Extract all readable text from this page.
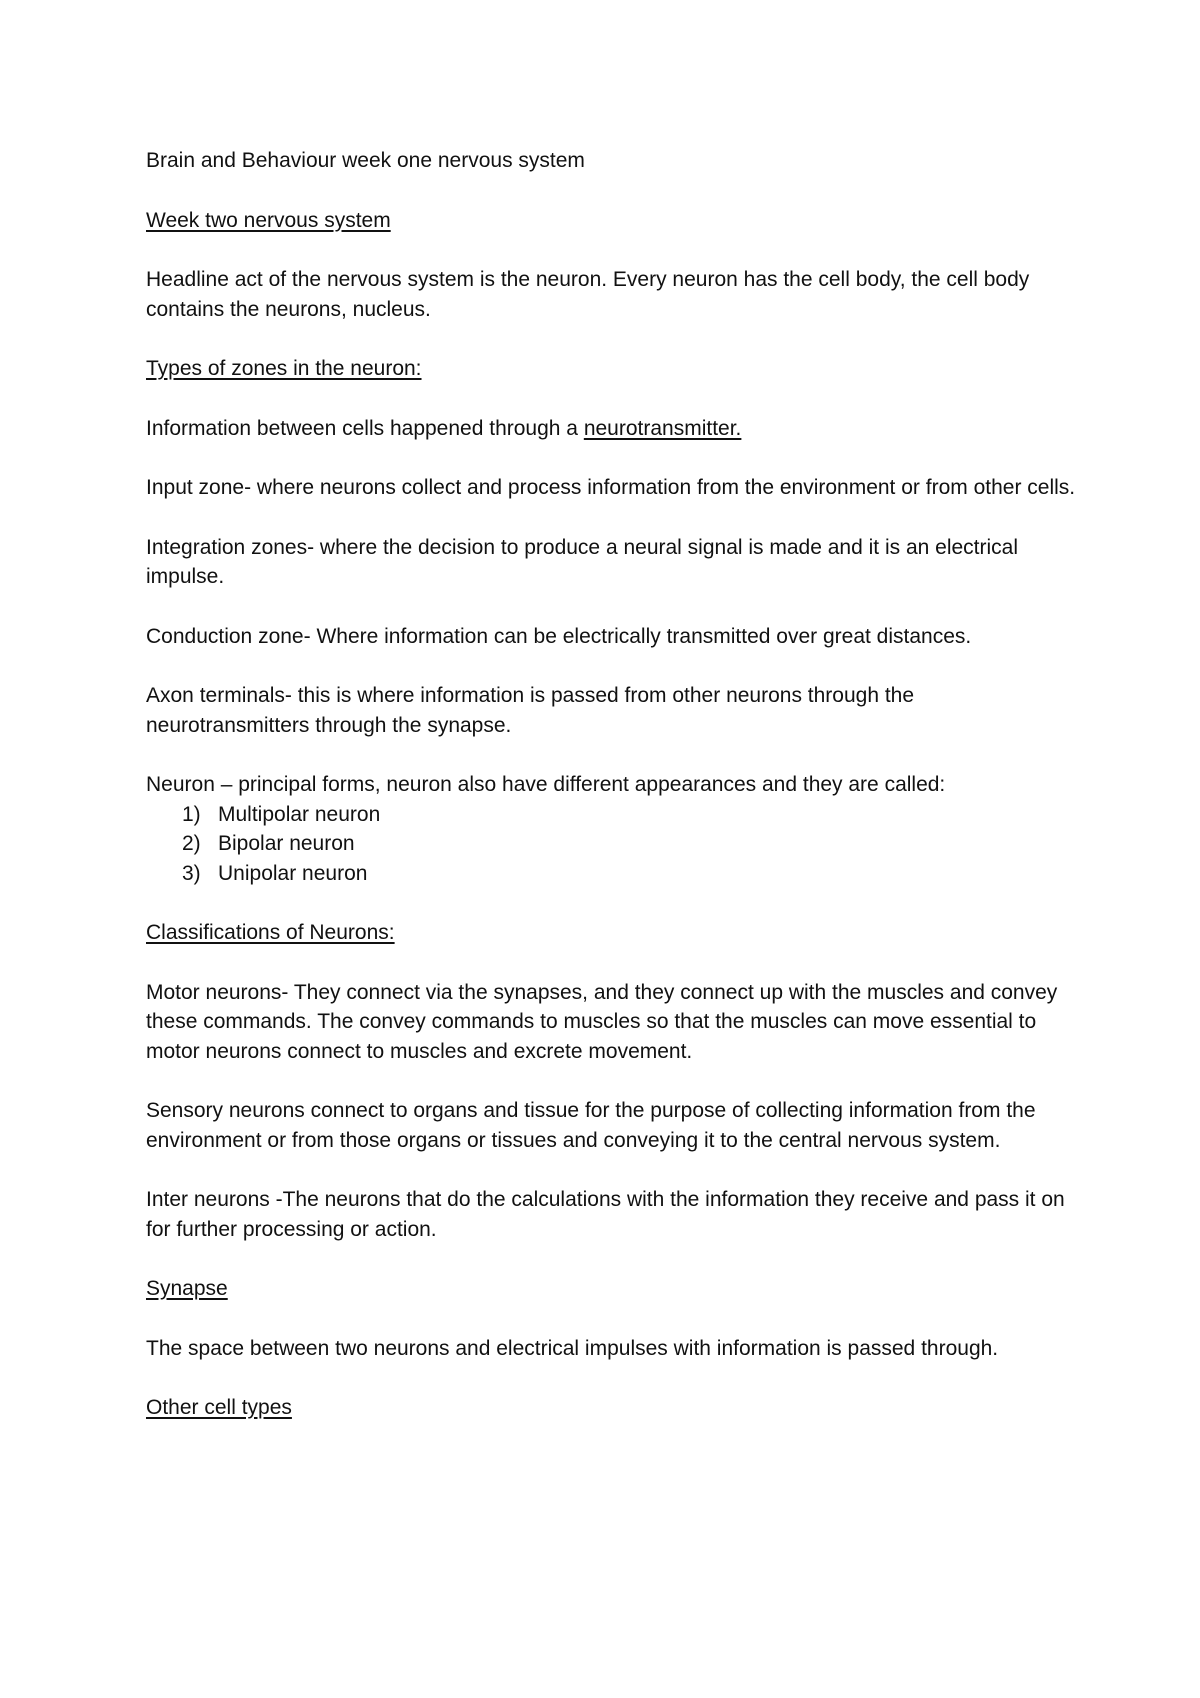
Brain and Behaviour week one nervous system

Week two nervous system

Headline act of the nervous system is the neuron. Every neuron has the cell body, the cell body contains the neurons, nucleus.

Types of zones in the neuron:

Information between cells happened through a neurotransmitter.

Input zone- where neurons collect and process information from the environment or from other cells.

Integration zones- where the decision to produce a neural signal is made and it is an electrical impulse.

Conduction zone- Where information can be electrically transmitted over great distances.

Axon terminals- this is where information is passed from other neurons through the neurotransmitters through the synapse.

Neuron – principal forms, neuron also have different appearances and they are called:

1) Multipolar neuron
2) Bipolar neuron
3) Unipolar neuron

Classifications of Neurons:

Motor neurons- They connect via the synapses, and they connect up with the muscles and convey these commands. The convey commands to muscles so that the muscles can move essential to motor neurons connect to muscles and excrete movement.

Sensory neurons connect to organs and tissue for the purpose of collecting information from the environment or from those organs or tissues and conveying it to the central nervous system.

Inter neurons -The neurons that do the calculations with the information they receive and pass it on for further processing or action.

Synapse

The space between two neurons and electrical impulses with information is passed through.

Other cell types
